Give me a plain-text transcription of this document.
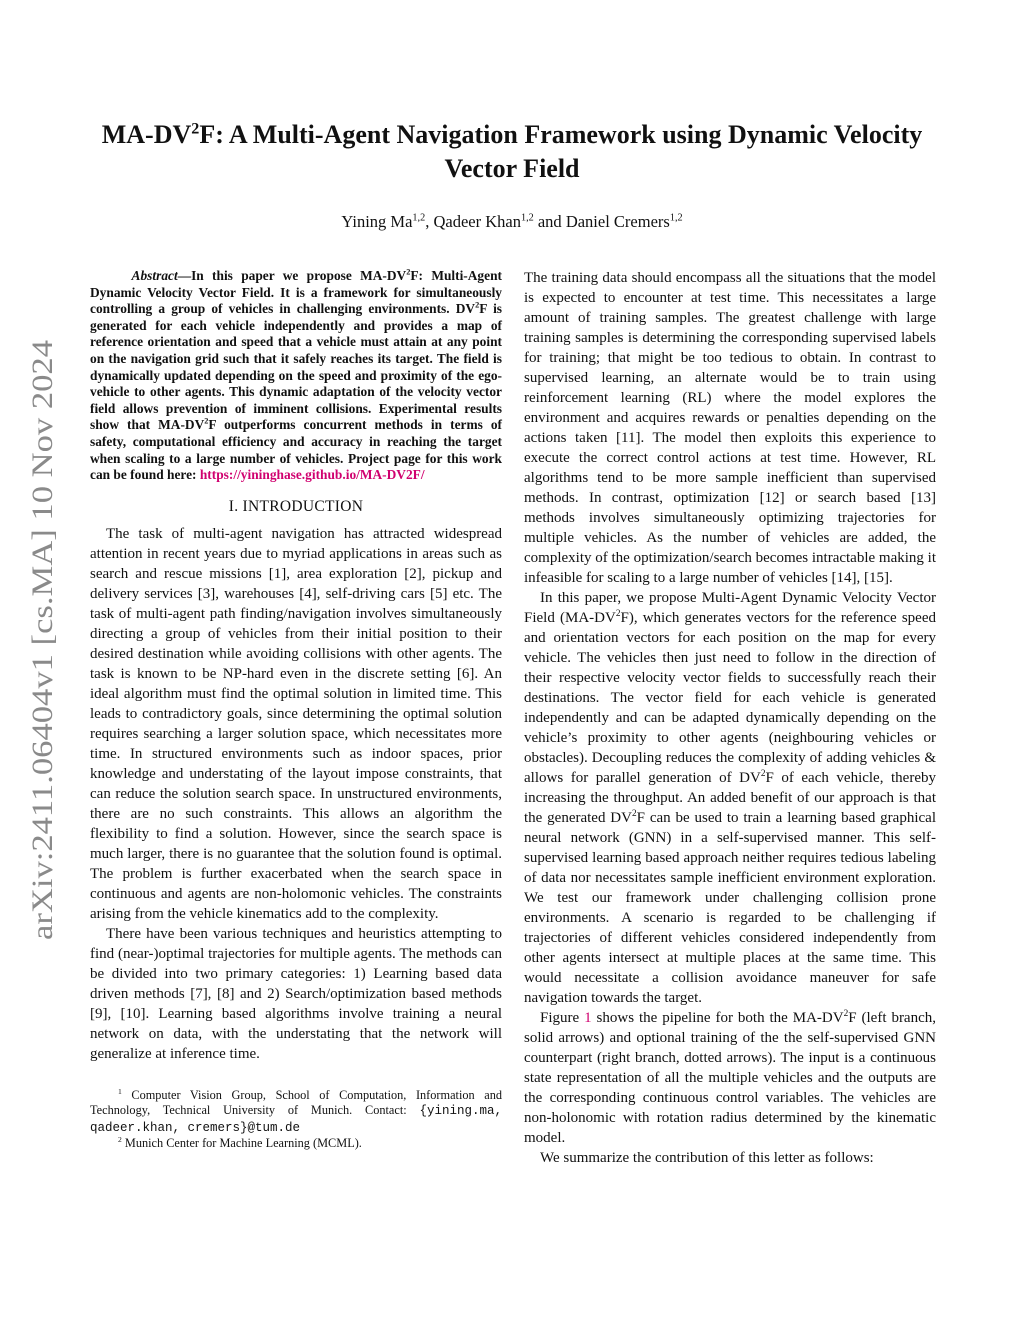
arXiv:2411.06404v1 [cs.MA] 10 Nov 2024
$MA-DV^2F$: A Multi-Agent Navigation Framework using Dynamic Velocity Vector Field
Yining Ma$^{1,2}$, Qadeer Khan$^{1,2}$ and Daniel Cremers$^{1,2}$

Abstract—In this paper we propose $MA-DV^2F$: Multi-Agent Dynamic Velocity Vector Field. It is a framework for simultaneously controlling a group of vehicles in challenging environments. $DV^2F$ is generated for each vehicle independently and provides a map of reference orientation and speed that a vehicle must attain at any point on the navigation grid such that it safely reaches its target. The field is dynamically updated depending on the speed and proximity of the ego-vehicle to other agents. This dynamic adaptation of the velocity vector field allows prevention of imminent collisions. Experimental results show that $MA-DV^2F$ outperforms concurrent methods in terms of safety, computational efficiency and accuracy in reaching the target when scaling to a large number of vehicles. Project page for this work can be found here: https://yininghase.github.io/MA-DV2F/

I. INTRODUCTION

The task of multi-agent navigation has attracted widespread attention in recent years due to myriad applications in areas such as search and rescue missions [1], area exploration [2], pickup and delivery services [3], warehouses [4], self-driving cars [5] etc. The task of multi-agent path finding/navigation involves simultaneously directing a group of vehicles from their initial position to their desired destination while avoiding collisions with other agents. The task is known to be NP-hard even in the discrete setting [6]. An ideal algorithm must find the optimal solution in limited time. This leads to contradictory goals, since determining the optimal solution requires searching a larger solution space, which necessitates more time. In structured environments such as indoor spaces, prior knowledge and understating of the layout impose constraints, that can reduce the solution search space. In unstructured environments, there are no such constraints. This allows an algorithm the flexibility to find a solution. However, since the search space is much larger, there is no guarantee that the solution found is optimal. The problem is further exacerbated when the search space in continuous and agents are non-holomonic vehicles. The constraints arising from the vehicle kinematics add to the complexity.

There have been various techniques and heuristics attempting to find (near-)optimal trajectories for multiple agents. The methods can be divided into two primary categories: 1) Learning based data driven methods [7], [8] and 2) Search/optimization based methods [9], [10]. Learning based algorithms involve training a neural network on data, with the understating that the network will generalize at inference time.

$^1$ Computer Vision Group, School of Computation, Information and Technology, Technical University of Munich. Contact: {yining.ma, qadeer.khan, cremers}@tum.de

$^2$ Munich Center for Machine Learning (MCML).

The training data should encompass all the situations that the model is expected to encounter at test time. This necessitates a large amount of training samples. The greatest challenge with large training samples is determining the corresponding supervised labels for training; that might be too tedious to obtain. In contrast to supervised learning, an alternate would be to train using reinforcement learning (RL) where the model explores the environment and acquires rewards or penalties depending on the actions taken [11]. The model then exploits this experience to execute the correct control actions at test time. However, RL algorithms tend to be more sample inefficient than supervised methods. In contrast, optimization [12] or search based [13] methods involves simultaneously optimizing trajectories for multiple vehicles. As the number of vehicles are added, the complexity of the optimization/search becomes intractable making it infeasible for scaling to a large number of vehicles [14], [15].

In this paper, we propose Multi-Agent Dynamic Velocity Vector Field $(MA-DV^2F)$, which generates vectors for the reference speed and orientation vectors for each position on the map for every vehicle. The vehicles then just need to follow in the direction of their respective velocity vector fields to successfully reach their destinations. The vector field for each vehicle is generated independently and can be adapted dynamically depending on the vehicle’s proximity to other agents (neighbouring vehicles or obstacles). Decoupling reduces the complexity of adding vehicles & allows for parallel generation of $DV^2F$ of each vehicle, thereby increasing the throughput. An added benefit of our approach is that the generated $DV^2F$ can be used to train a learning based graphical neural network (GNN) in a self-supervised manner. This self-supervised learning based approach neither requires tedious labeling of data nor necessitates sample inefficient environment exploration. We test our framework under challenging collision prone environments. A scenario is regarded to be challenging if trajectories of different vehicles considered independently from other agents intersect at multiple places at the same time. This would necessitate a collision avoidance maneuver for safe navigation towards the target.

Figure 1 shows the pipeline for both the $MA-DV^2F$ (left branch, solid arrows) and optional training of the the self-supervised GNN counterpart (right branch, dotted arrows). The input is a continuous state representation of all the multiple vehicles and the outputs are the corresponding continuous control variables. The vehicles are non-holonomic with rotation radius determined by the kinematic model.

We summarize the contribution of this letter as follows:
